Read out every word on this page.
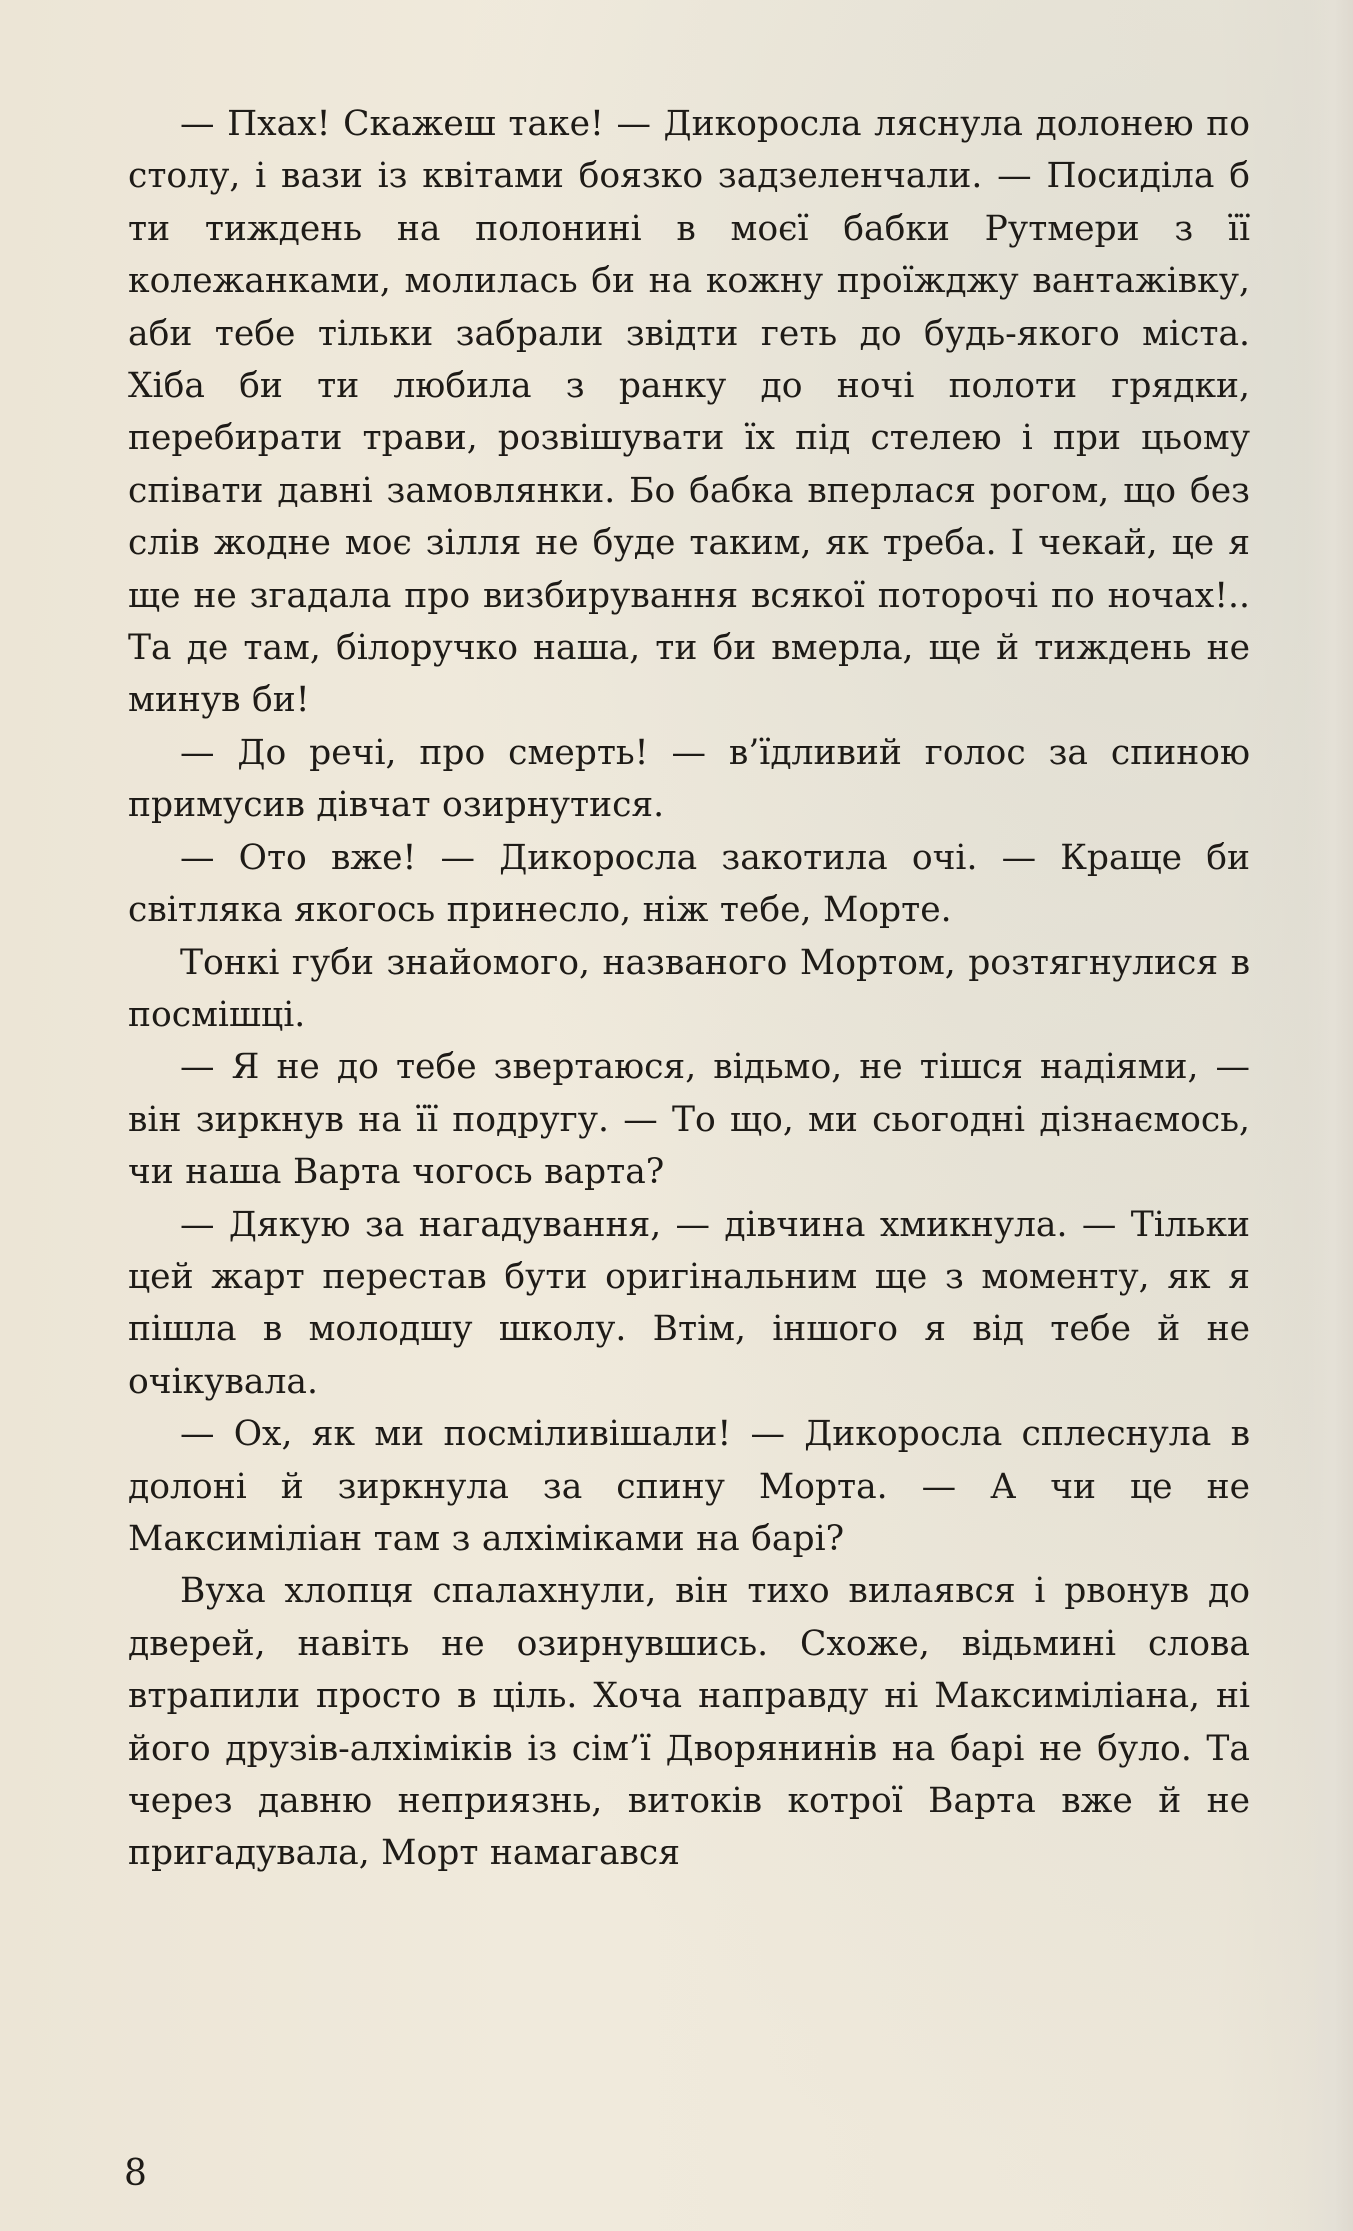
— Пхах! Скажеш таке! — Дикоросла ляснула долонею по столу, і вази із квітами боязко задзеленчали. — Посиділа б ти тиждень на полонині в моєї бабки Рутмери з її колежанками, молилась би на кожну проїжджу вантажівку, аби тебе тільки забрали звідти геть до будь-якого міста. Хіба би ти любила з ранку до ночі полоти грядки, перебирати трави, розвішувати їх під стелею і при цьому співати давні замовлянки. Бо бабка вперлася рогом, що без слів жодне моє зілля не буде таким, як треба. І чекай, це я ще не згадала про визбирування всякої поторочі по ночах!.. Та де там, білоручко наша, ти би вмерла, ще й тиждень не минув би!

— До речі, про смерть! — в’їдливий голос за спиною примусив дівчат озирнутися.

— Ото вже! — Дикоросла закотила очі. — Краще би світляка якогось принесло, ніж тебе, Морте.

Тонкі губи знайомого, названого Мортом, розтягнулися в посмішці.

— Я не до тебе звертаюся, відьмо, не тішся надіями, — він зиркнув на її подругу. — То що, ми сьогодні дізнаємось, чи наша Варта чогось варта?

— Дякую за нагадування, — дівчина хмикнула. — Тільки цей жарт перестав бути оригінальним ще з моменту, як я пішла в молодшу школу. Втім, іншого я від тебе й не очікувала.

— Ох, як ми посміливішали! — Дикоросла сплеснула в долоні й зиркнула за спину Морта. — А чи це не Максиміліан там з алхіміками на барі?

Вуха хлопця спалахнули, він тихо вилаявся і рвонув до дверей, навіть не озирнувшись. Схоже, відьмині слова втрапили просто в ціль. Хоча направду ні Максиміліана, ні його друзів-алхіміків із сім’ї Дворянинів на барі не було. Та через давню неприязнь, витоків котрої Варта вже й не пригадувала, Морт намагався

8
